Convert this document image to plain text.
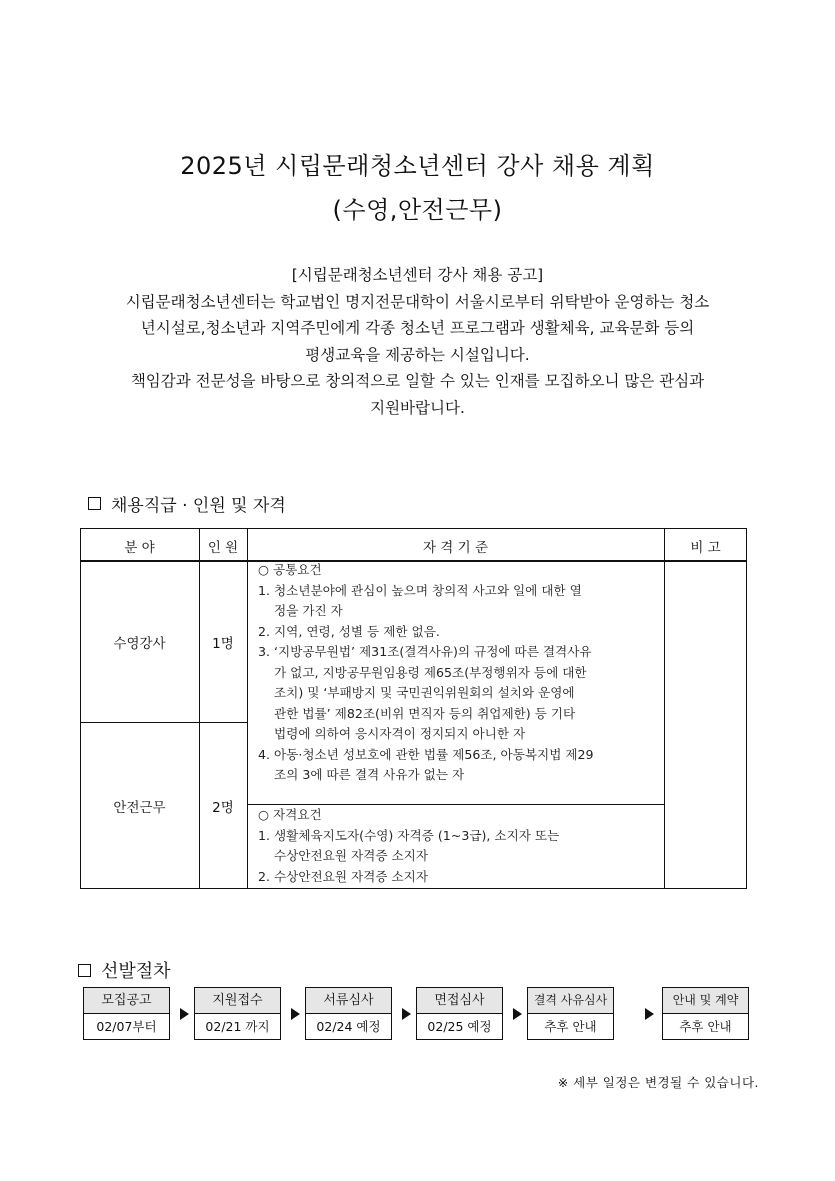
2025년 시립문래청소년센터 강사 채용 계획
(수영,안전근무)
[시립문래청소년센터 강사 채용 공고]
시립문래청소년센터는 학교법인 명지전문대학이 서울시로부터 위탁받아 운영하는 청소
년시설로,청소년과 지역주민에게 각종 청소년 프로그램과 생활체육, 교육문화 등의
평생교육을 제공하는 시설입니다.
책임감과 전문성을 바탕으로 창의적으로 일할 수 있는 인재를 모집하오니 많은 관심과
지원바랍니다.
채용직급 · 인원 및 자격
분 야	인 원	자 격 기 준	비 고
수영강사	1명
안전근무	2명
○ 공통요건
1. 청소년분야에 관심이 높으며 창의적 사고와 일에 대한 열
정을 가진 자
2. 지역, 연령, 성별 등 제한 없음.
3. ‘지방공무원법’ 제31조(결격사유)의 규정에 따른 결격사유
가 없고, 지방공무원임용령 제65조(부정행위자 등에 대한
조치) 및 ‘부패방지 및 국민권익위원회의 설치와 운영에
관한 법률’ 제82조(비위 면직자 등의 취업제한) 등 기타
법령에 의하여 응시자격이 정지되지 아니한 자
4. 아동·청소년 성보호에 관한 법률 제56조, 아동복지법 제29
조의 3에 따른 결격 사유가 없는 자
○ 자격요건
1. 생활체육지도자(수영) 자격증 (1~3급), 소지자 또는
수상안전요원 자격증 소지자
2. 수상안전요원 자격증 소지자
선발절차
모집공고
02/07부터
지원접수
02/21 까지
서류심사
02/24 예정
면접심사
02/25 예정
결격 사유심사
추후 안내
안내 및 계약
추후 안내
※ 세부 일정은 변경될 수 있습니다.
